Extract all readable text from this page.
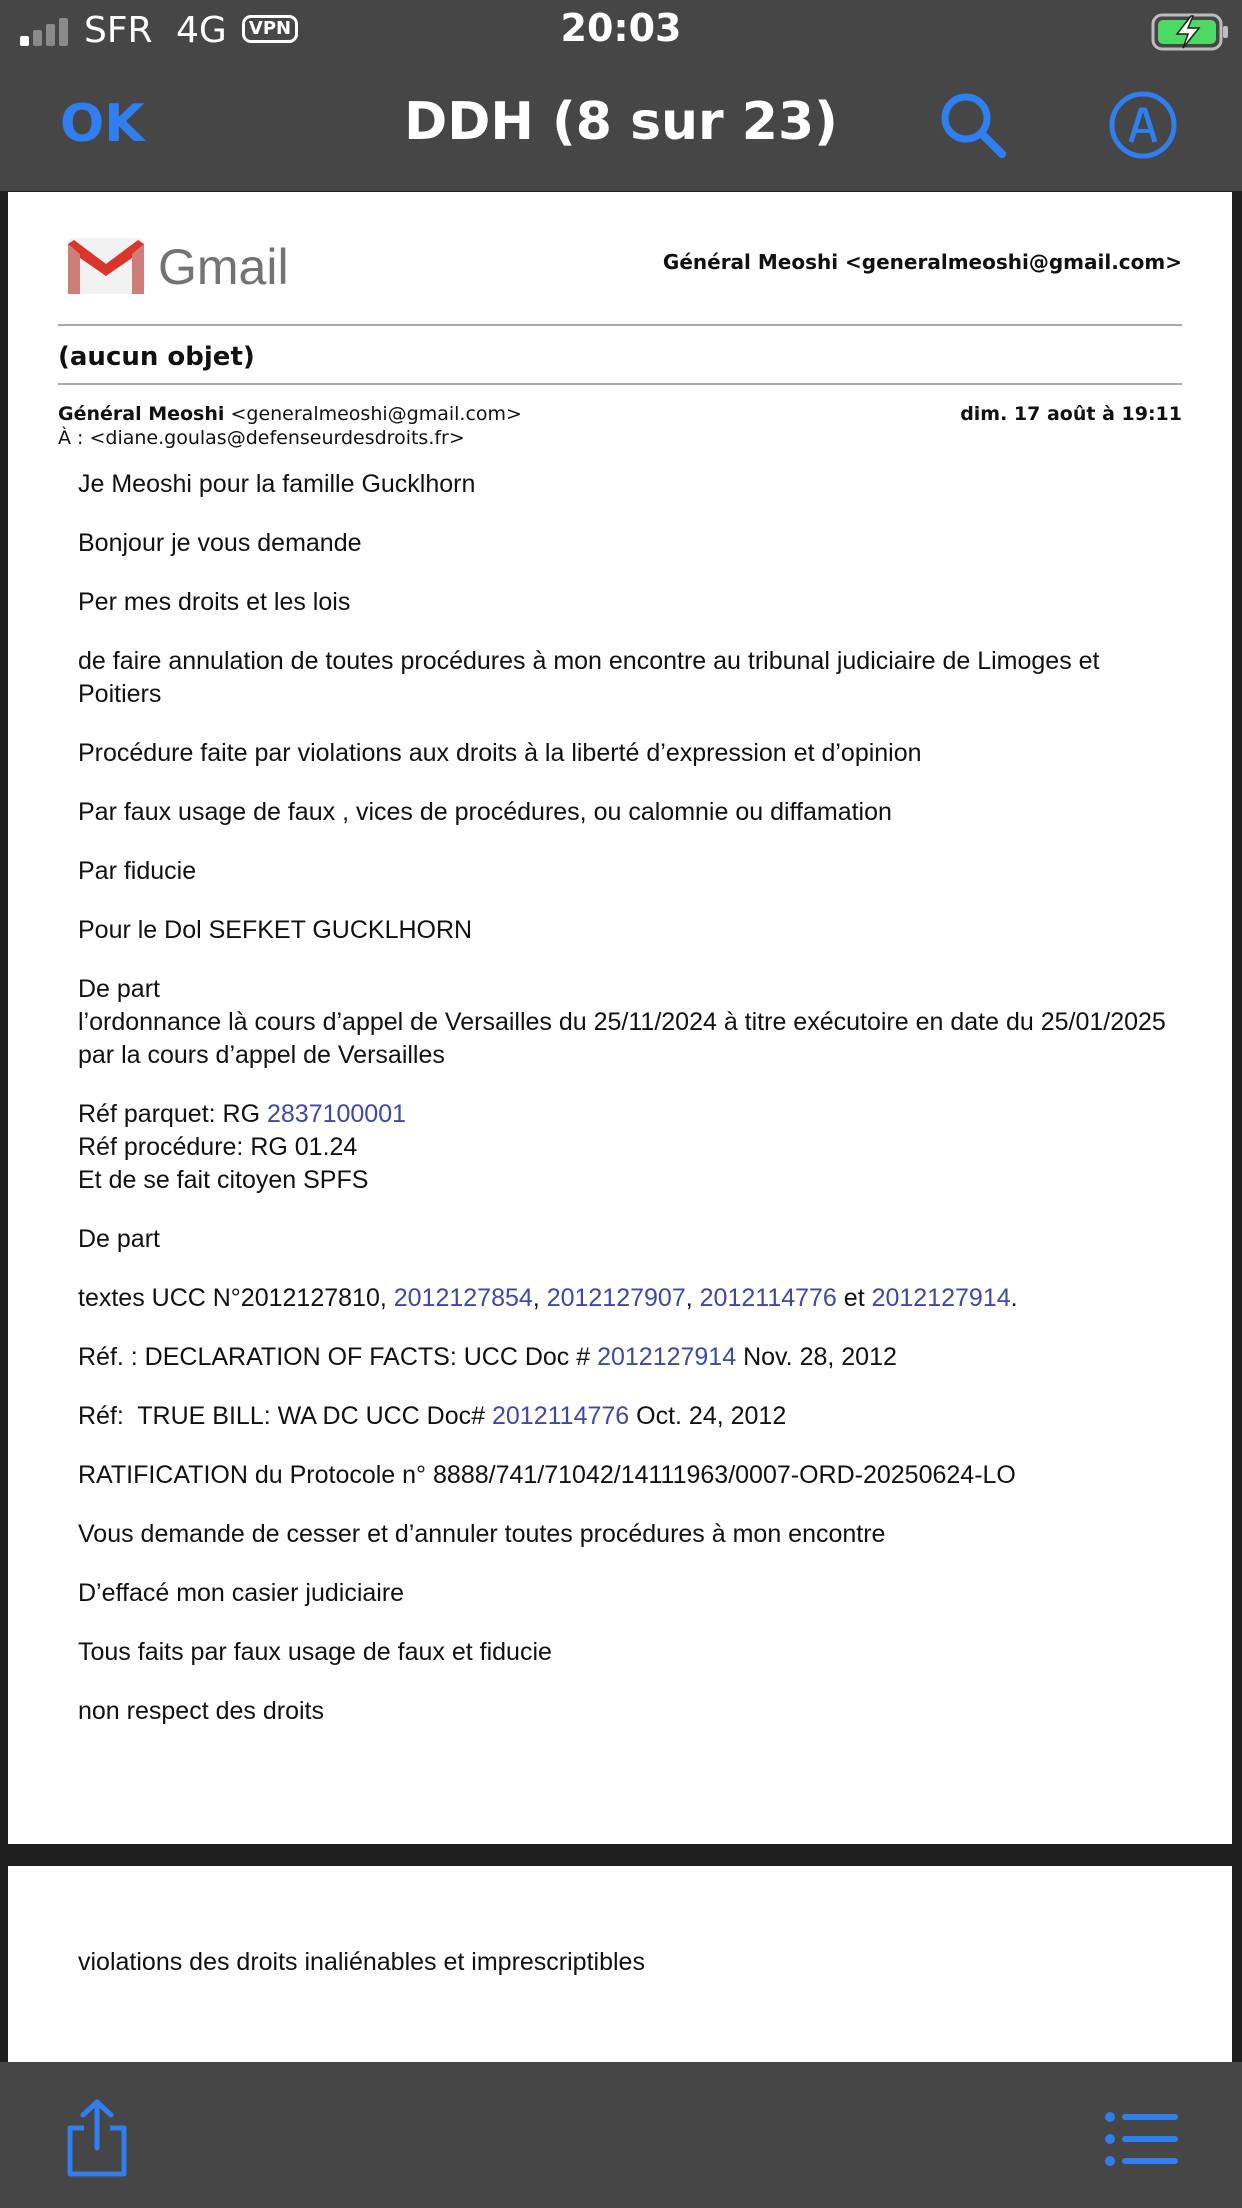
SFR 4G	VPN	20:03
OK	DDH (8 sur 23)
Gmail	Général Meoshi <generalmeoshi@gmail.com>
(aucun objet)
Général Meoshi <generalmeoshi@gmail.com>
À : <diane.goulas@defenseurdesdroits.fr>
dim. 17 août à 19:11

Je Meoshi pour la famille Gucklhorn

Bonjour je vous demande

Per mes droits et les lois

de faire annulation de toutes procédures à mon encontre au tribunal judiciaire de Limoges et Poitiers

Procédure faite par violations aux droits à la liberté d’expression et d’opinion

Par faux usage de faux , vices de procédures, ou calomnie ou diffamation

Par fiducie

Pour le Dol SEFKET GUCKLHORN

De part
l’ordonnance là cours d’appel de Versailles du 25/11/2024 à titre exécutoire en date du 25/01/2025 par la cours d’appel de Versailles

Réf parquet: RG 2837100001
Réf procédure: RG 01.24
Et de se fait citoyen SPFS

De part

textes UCC N°2012127810, 2012127854, 2012127907, 2012114776 et 2012127914.

Réf. : DECLARATION OF FACTS: UCC Doc # 2012127914 Nov. 28, 2012

Réf:  TRUE BILL: WA DC UCC Doc# 2012114776 Oct. 24, 2012

RATIFICATION du Protocole n° 8888/741/71042/14111963/0007-ORD-20250624-LO

Vous demande de cesser et d’annuler toutes procédures à mon encontre

D’effacé mon casier judiciaire

Tous faits par faux usage de faux et fiducie

non respect des droits

violations des droits inaliénables et imprescriptibles
